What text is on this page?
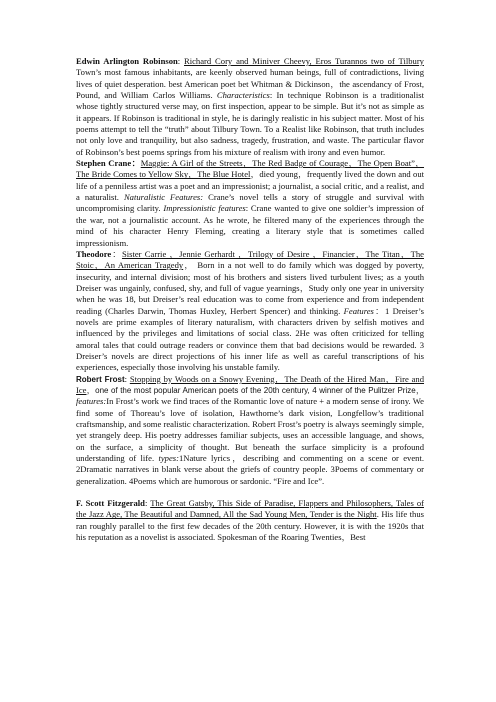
Edwin Arlington Robinson: Richard Cory and Miniver Cheevy, Eros Turannos two of Tilbury Town’s most famous inhabitants, are keenly observed human beings, full of contradictions, living lives of quiet desperation. best American poet bet Whitman & Dickinson，the ascendancy of Frost, Pound, and William Carlos Williams. Characteristics: In technique Robinson is a traditionalist whose tightly structured verse may, on first inspection, appear to be simple. But it’s not as simple as it appears. If Robinson is traditional in style, he is daringly realistic in his subject matter. Most of his poems attempt to tell the “truth” about Tilbury Town. To a Realist like Robinson, that truth includes not only love and tranquility, but also sadness, tragedy, frustration, and waste. The particular flavor of Robinson’s best poems springs from his mixture of realism with irony and even humor.

Stephen Crane：Maggie: A Girl of the Streets，The Red Badge of Courage，The Open Boat”，The Bride Comes to Yellow Sky，The Blue Hotel，died young，frequently lived the down and out life of a penniless artist was a poet and an impressionist; a journalist, a social critic, and a realist, and a naturalist. Naturalistic Features: Crane’s novel tells a story of struggle and survival with uncompromising clarity. Impressionistic features: Crane wanted to give one soldier’s impression of the war, not a journalistic account. As he wrote, he filtered many of the experiences through the mind of his character Henry Fleming, creating a literary style that is sometimes called impressionism.

Theodore：Sister Carrie ，Jennie Gerhardt ，Trilogy of Desire ，Financier，The Titan，The Stoic，An American Tragedy， Born in a not well to do family which was dogged by poverty, insecurity, and internal division; most of his brothers and sisters lived turbulent lives; as a youth Dreiser was ungainly, confused, shy, and full of vague yearnings，Study only one year in university when he was 18, but Dreiser’s real education was to come from experience and from independent reading (Charles Darwin, Thomas Huxley, Herbert Spencer) and thinking. Features：1 Dreiser’s novels are prime examples of literary naturalism, with characters driven by selfish motives and influenced by the privileges and limitations of social class. 2He was often criticized for telling amoral tales that could outrage readers or convince them that bad decisions would be rewarded. 3 Dreiser’s novels are direct projections of his inner life as well as careful transcriptions of his experiences, especially those involving his unstable family.

Robert Frost: Stopping by Woods on a Snowy Evening，The Death of the Hired Man，Fire and Ice，one of the most popular American poets of the 20th century, 4 winner of the Pulitzer Prize，features:In Frost’s work we find traces of the Romantic love of nature + a modern sense of irony. We find some of Thoreau’s love of isolation, Hawthorne’s dark vision, Longfellow’s traditional craftsmanship, and some realistic characterization. Robert Frost’s poetry is always seemingly simple, yet strangely deep. His poetry addresses familiar subjects, uses an accessible language, and shows, on the surface, a simplicity of thought. But beneath the surface simplicity is a profound understanding of life. types:1Nature lyrics，describing and commenting on a scene or event. 2Dramatic narratives in blank verse about the griefs of country people. 3Poems of commentary or generalization. 4Poems which are humorous or sardonic. “Fire and Ice”.

F. Scott Fitzgerald: The Great Gatsby, This Side of Paradise, Flappers and Philosophers, Tales of the Jazz Age, The Beautiful and Damned, All the Sad Young Men, Tender is the Night. His life thus ran roughly parallel to the first few decades of the 20th century. However, it is with the 1920s that his reputation as a novelist is associated. Spokesman of the Roaring Twenties，Best
